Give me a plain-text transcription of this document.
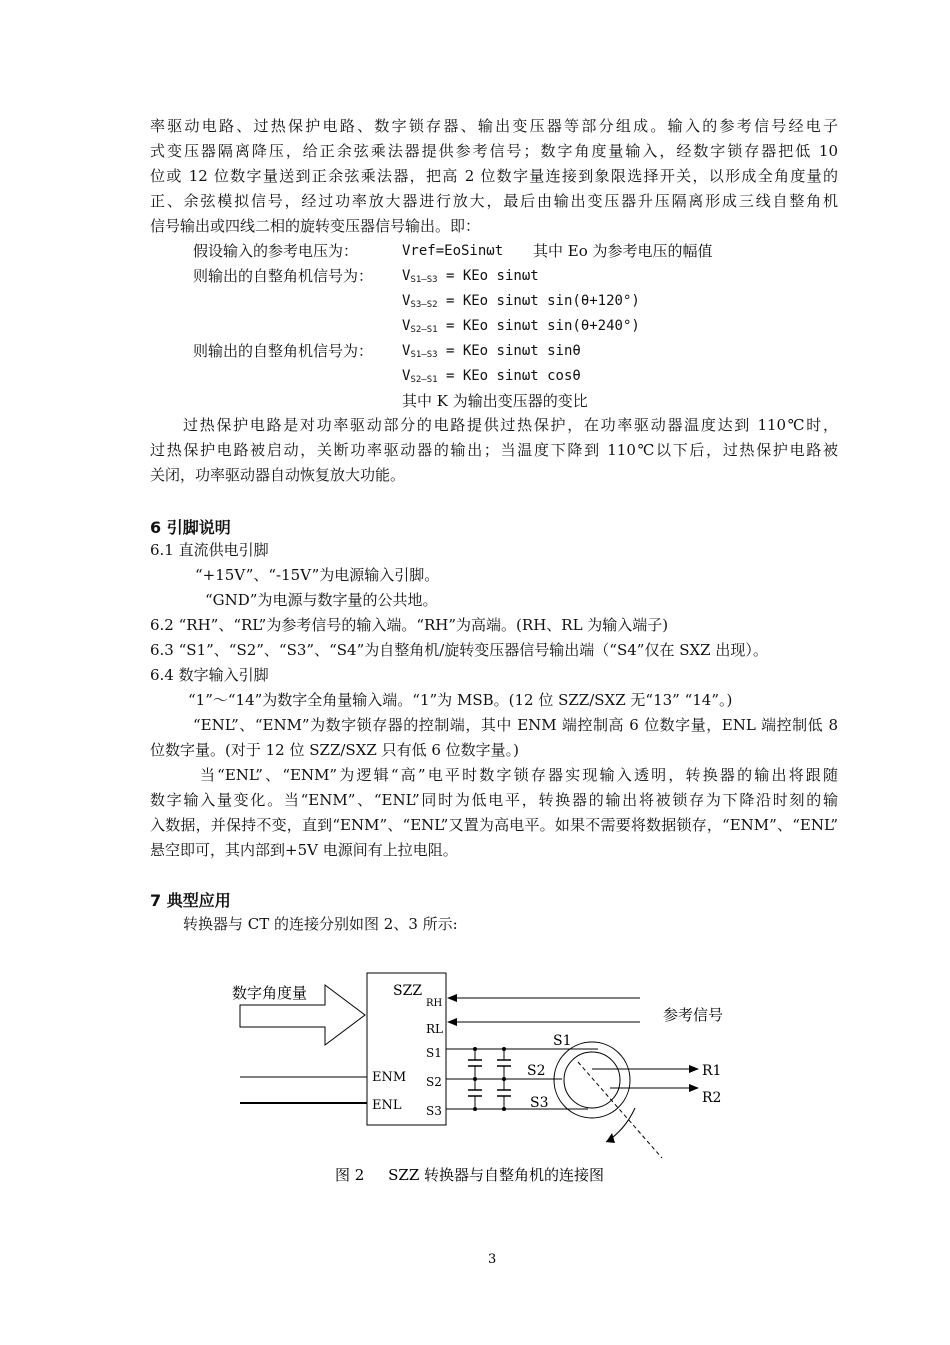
率驱动电路、过热保护电路、数字锁存器、输出变压器等部分组成。输入的参考信号经电子
式变压器隔离降压，给正余弦乘法器提供参考信号；数字角度量输入，经数字锁存器把低 10
位或 12 位数字量送到正余弦乘法器，把高 2 位数字量连接到象限选择开关，以形成全角度量的
正、余弦模拟信号，经过功率放大器进行放大，最后由输出变压器升压隔离形成三线自整角机
信号输出或四线二相的旋转变压器信号输出。即：
假设输入的参考电压为：	Vref=EoSinωt 其中 Eo 为参考电压的幅值
则输出的自整角机信号为： $V_{S1—S3}$ = KEo sinωt
$V_{S3—S2}$ = KEo sinωt sin(θ+120°)
$V_{S2—S1}$ = KEo sinωt sin(θ+240°)
则输出的自整角机信号为： $V_{S1—S3}$ = KEo sinωt sinθ
$V_{S2—S1}$ = KEo sinωt cosθ
其中 K 为输出变压器的变比
过热保护电路是对功率驱动部分的电路提供过热保护，在功率驱动器温度达到 110℃时，
过热保护电路被启动，关断功率驱动器的输出；当温度下降到 110℃以下后，过热保护电路被
关闭，功率驱动器自动恢复放大功能。
6 引脚说明
6.1 直流供电引脚
“+15V”、“-15V”为电源输入引脚。
“GND”为电源与数字量的公共地。
6.2 “RH”、“RL”为参考信号的输入端。“RH”为高端。(RH、RL 为输入端子)
6.3 “S1”、“S2”、“S3”、“S4”为自整角机/旋转变压器信号输出端（“S4”仅在 SXZ 出现）。
6.4 数字输入引脚
“1”～“14”为数字全角量输入端。“1”为 MSB。(12 位 SZZ/SXZ 无“13” “14”。)
“ENL”、“ENM”为数字锁存器的控制端，其中 ENM 端控制高 6 位数字量，ENL 端控制低 8
位数字量。(对于 12 位 SZZ/SXZ 只有低 6 位数字量。)
当“ENL”、“ENM”为逻辑“高”电平时数字锁存器实现输入透明，转换器的输出将跟随
数字输入量变化。当“ENM”、“ENL”同时为低电平，转换器的输出将被锁存为下降沿时刻的输
入数据，并保持不变，直到“ENM”、“ENL”又置为高电平。如果不需要将数据锁存，“ENM”、“ENL”
悬空即可，其内部到+5V 电源间有上拉电阻。
7 典型应用
转换器与 CT 的连接分别如图 2、3 所示:
数字角度量	SZZ
RH
RL
S1
S2
S3
ENM
ENL
参考信号
S1
S2
S3
R1
R2
图 2     SZZ 转换器与自整角机的连接图
3
